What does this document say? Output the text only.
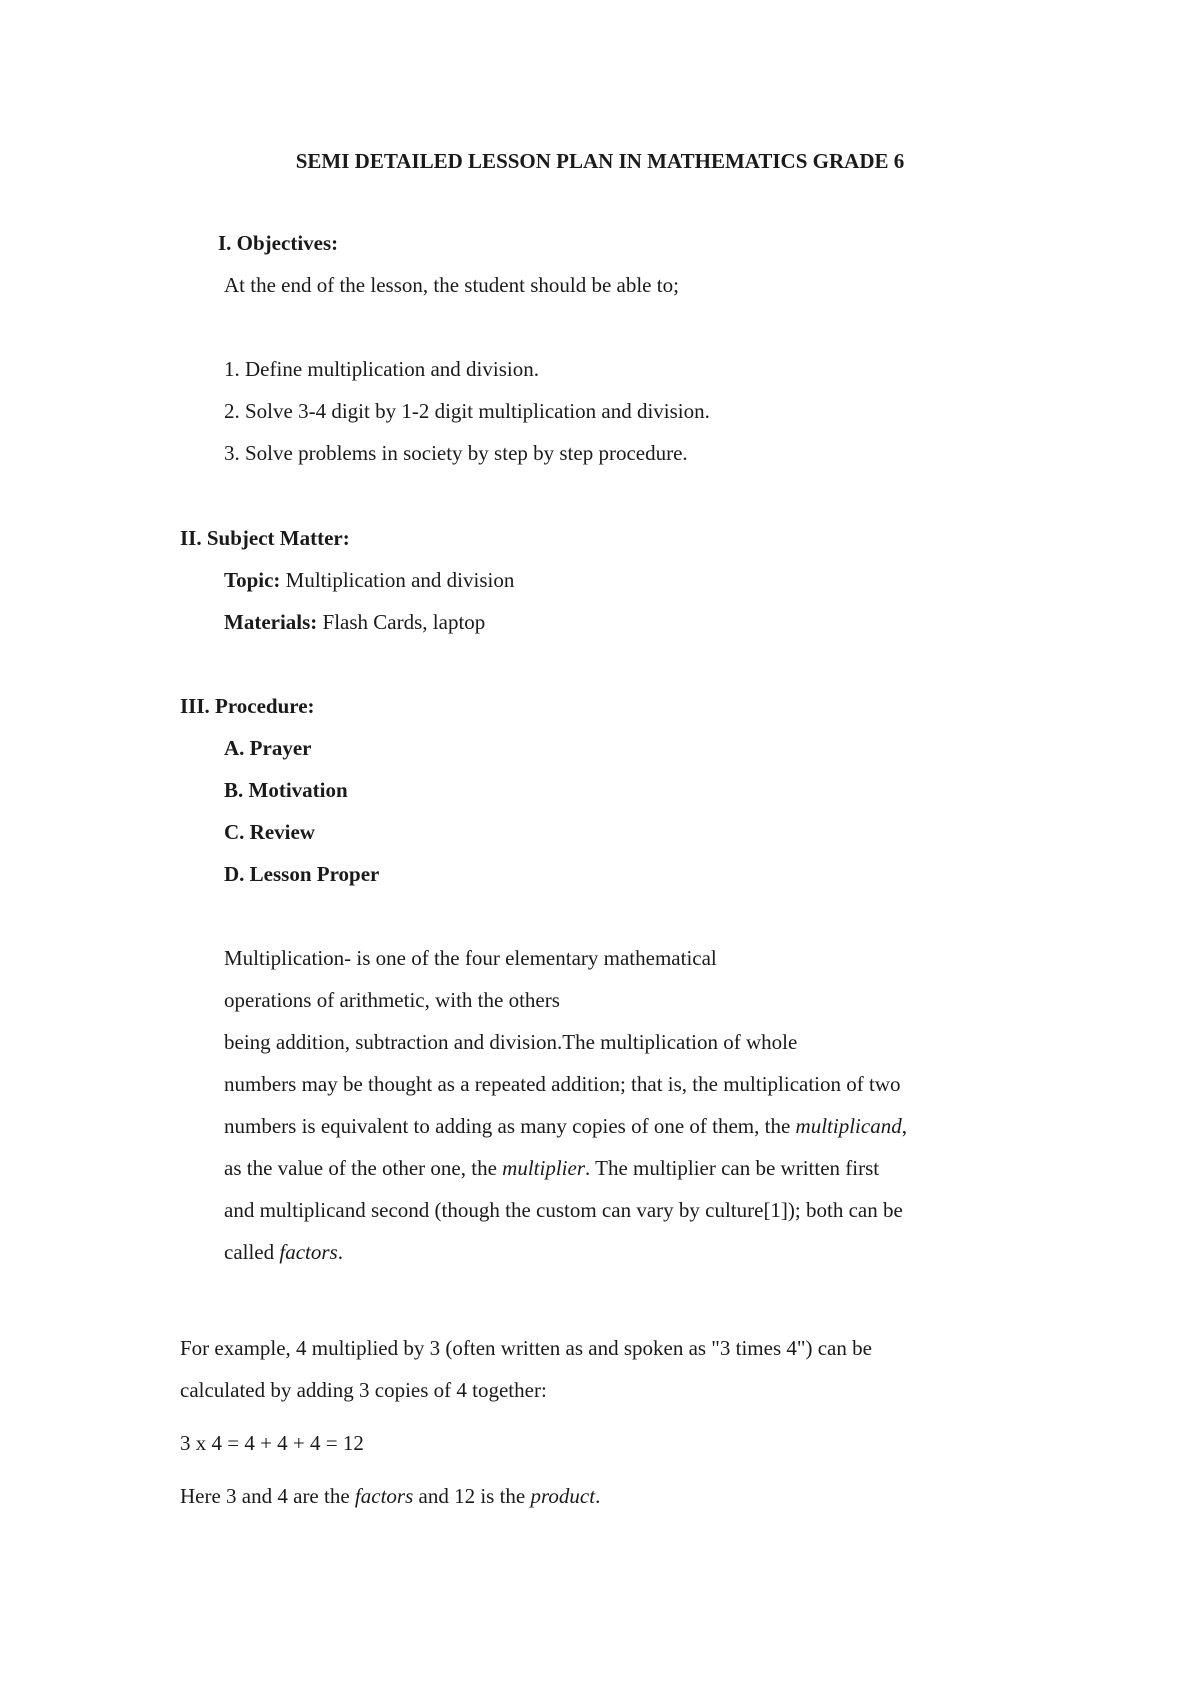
SEMI DETAILED LESSON PLAN IN MATHEMATICS GRADE 6
I. Objectives:
At the end of the lesson, the student should be able to;
1. Define multiplication and division.
2. Solve 3-4 digit by 1-2 digit multiplication and division.
3. Solve problems in society by step by step procedure.
II. Subject Matter:
Topic: Multiplication and division
Materials: Flash Cards, laptop
III. Procedure:
A. Prayer
B. Motivation
C. Review
D. Lesson Proper
Multiplication- is one of the four elementary mathematical
operations of arithmetic, with the others
being addition, subtraction and division.The multiplication of whole
numbers may be thought as a repeated addition; that is, the multiplication of two
numbers is equivalent to adding as many copies of one of them, the multiplicand,
as the value of the other one, the multiplier. The multiplier can be written first
and multiplicand second (though the custom can vary by culture[1]); both can be
called factors.
For example, 4 multiplied by 3 (often written as and spoken as "3 times 4") can be
calculated by adding 3 copies of 4 together:
3 x 4 = 4 + 4 + 4 = 12
Here 3 and 4 are the factors and 12 is the product.
